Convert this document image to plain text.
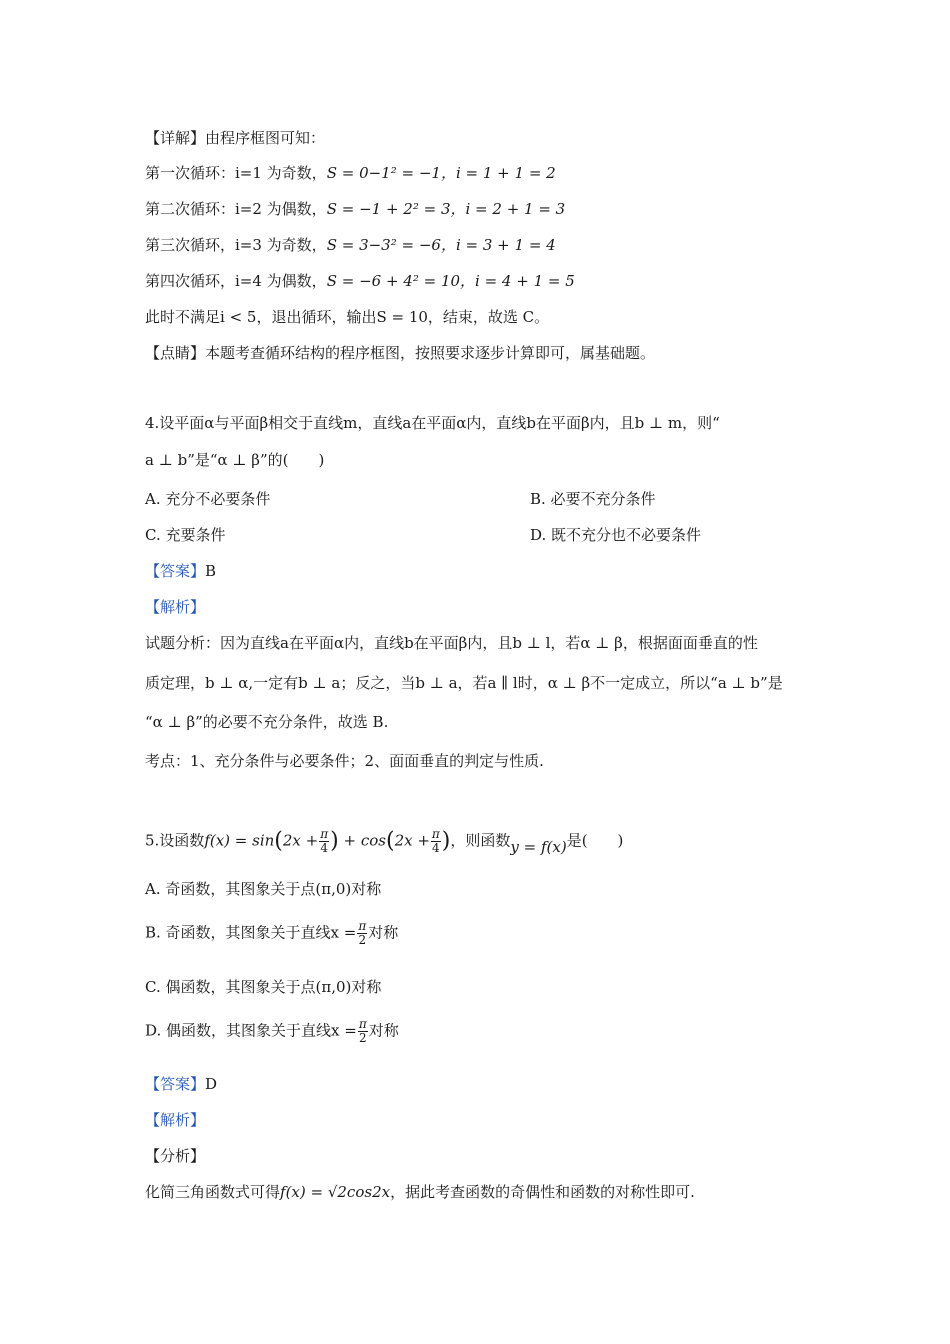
【详解】由程序框图可知：
第一次循环：i=1 为奇数，S = 0−1² = −1，i = 1 + 1 = 2
第二次循环：i=2 为偶数，S = −1 + 2² = 3，i = 2 + 1 = 3
第三次循环，i=3 为奇数，S = 3−3² = −6，i = 3 + 1 = 4
第四次循环，i=4 为偶数，S = −6 + 4² = 10，i = 4 + 1 = 5
此时不满足i < 5，退出循环，输出S = 10，结束，故选 C。
【点睛】本题考查循环结构的程序框图，按照要求逐步计算即可，属基础题。
4.设平面α与平面β相交于直线m，直线a在平面α内，直线b在平面β内，且b ⊥ m，则“
a ⊥ b”是“α ⊥ β”的(　　)
A. 充分不必要条件	B. 必要不充分条件
C. 充要条件	D. 既不充分也不必要条件
【答案】B
【解析】
试题分析：因为直线a在平面α内，直线b在平面β内，且b ⊥ l，若α ⊥ β，根据面面垂直的性
质定理，b ⊥ α,一定有b ⊥ a；反之，当b ⊥ a，若a ∥ l时，α ⊥ β不一定成立，所以“a ⊥ b”是
“α ⊥ β”的必要不充分条件，故选 B.
考点：1、充分条件与必要条件；2、面面垂直的判定与性质.
5.设函数$f(x) = \sin(2x + \frac{\pi}{4}$ ) + $\cos(2x + \frac{\pi}{4}$ )，则函数y = f(x)是(　　)
A. 奇函数，其图象关于点(π,0)对称
B. 奇函数，其图象关于直线$x = \frac{\pi}{2}$ 对称
C. 偶函数，其图象关于点(π,0)对称
D. 偶函数，其图象关于直线$x = \frac{\pi}{2}$ 对称
【答案】D
【解析】
【分析】
化简三角函数式可得f(x) = √2cos2x，据此考查函数的奇偶性和函数的对称性即可.
